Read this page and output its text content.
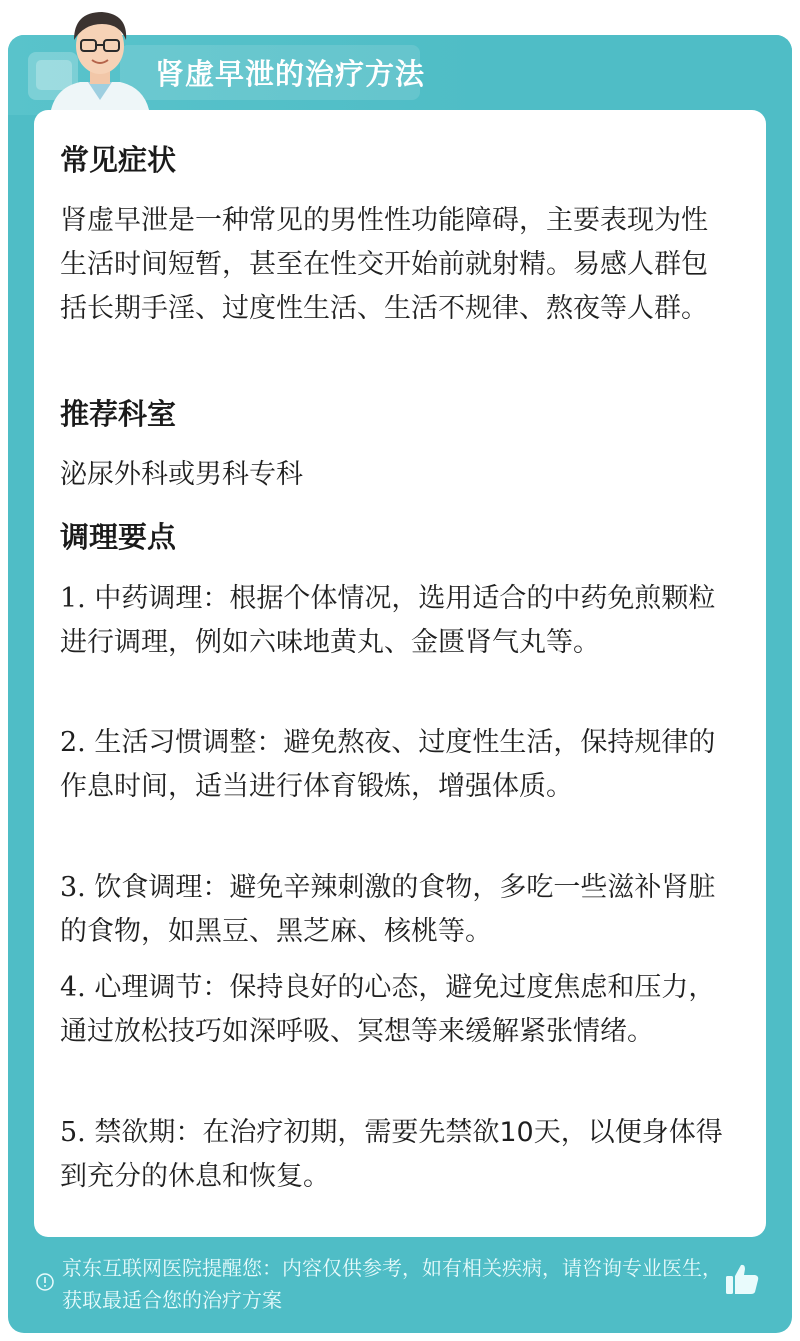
肾虚早泄的治疗方法
常见症状
肾虚早泄是一种常见的男性性功能障碍，主要表现为性生活时间短暂，甚至在性交开始前就射精。易感人群包括长期手淫、过度性生活、生活不规律、熬夜等人群。
推荐科室
泌尿外科或男科专科
调理要点
1. 中药调理：根据个体情况，选用适合的中药免煎颗粒进行调理，例如六味地黄丸、金匮肾气丸等。
2. 生活习惯调整：避免熬夜、过度性生活，保持规律的作息时间，适当进行体育锻炼，增强体质。
3. 饮食调理：避免辛辣刺激的食物，多吃一些滋补肾脏的食物，如黑豆、黑芝麻、核桃等。
4. 心理调节：保持良好的心态，避免过度焦虑和压力，通过放松技巧如深呼吸、冥想等来缓解紧张情绪。
5. 禁欲期：在治疗初期，需要先禁欲10天，以便身体得到充分的休息和恢复。
京东互联网医院提醒您：内容仅供参考，如有相关疾病，请咨询专业医生，获取最适合您的治疗方案
